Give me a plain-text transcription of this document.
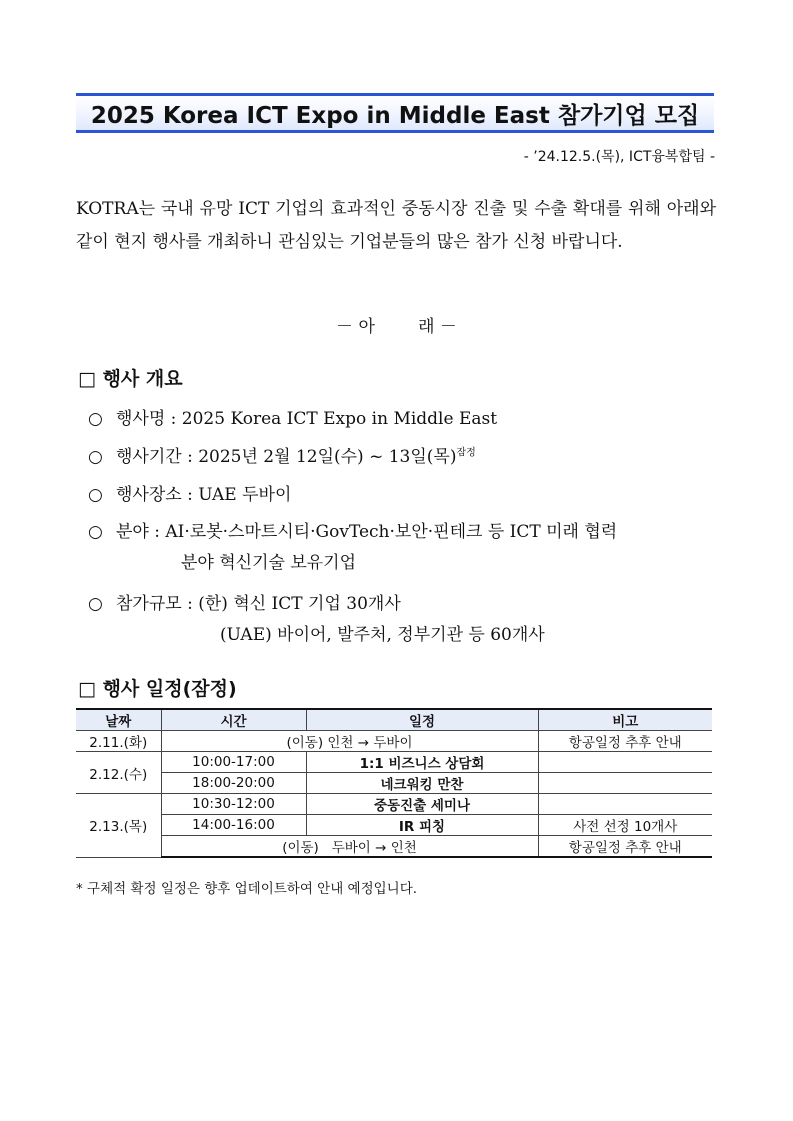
2025 Korea ICT Expo in Middle East 참가기업 모집
- ’24.12.5.(목), ICT융복합팀 -
KOTRA는 국내 유망 ICT 기업의 효과적인 중동시장 진출 및 수출 확대를 위해 아래와 같이 현지 행사를 개최하니 관심있는 기업분들의 많은 참가 신청 바랍니다.
－ 아        래 －
□ 행사 개요
○ 행사명 : 2025 Korea ICT Expo in Middle East
○ 행사기간 : 2025년 2월 12일(수) ~ 13일(목)$^{잠정}$
○ 행사장소 : UAE 두바이
○ 분야 : AI·로봇·스마트시티·GovTech·보안·핀테크 등 ICT 미래 협력
분야 혁신기술 보유기업
○ 참가규모 : (한) 혁신 ICT 기업 30개사
(UAE) 바이어, 발주처, 정부기관 등 60개사
□ 행사 일정(잠정)
날짜	시간	일정	비고
2.11.(화)	(이동) 인천 → 두바이		항공일정 추후 안내
2.12.(수)	10:00-17:00	1:1 비즈니스 상담회	
	18:00-20:00	네크워킹 만찬	
2.13.(목)	10:30-12:00	중동진출 세미나	
	14:00-16:00	IR 피칭	사전 선정 10개사
	(이동)   두바이 → 인천		항공일정 추후 안내
* 구체적 확정 일정은 향후 업데이트하여 안내 예정입니다.
